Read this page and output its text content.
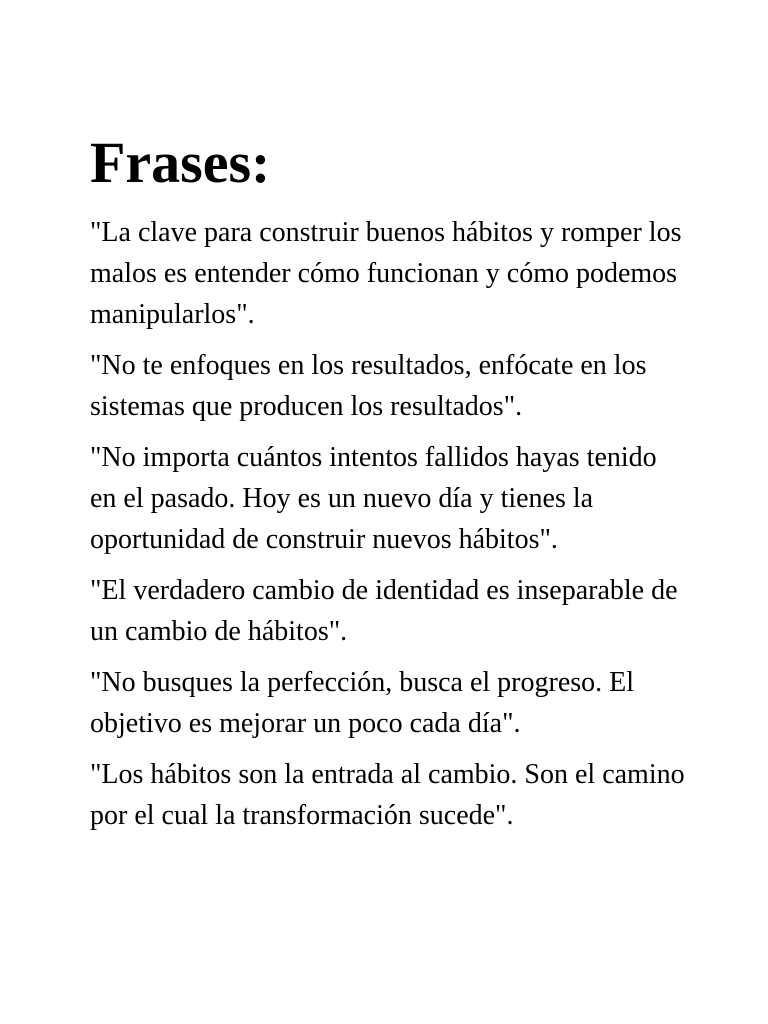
Frases:

"La clave para construir buenos hábitos y romper los malos es entender cómo funcionan y cómo podemos manipularlos".

"No te enfoques en los resultados, enfócate en los sistemas que producen los resultados".

"No importa cuántos intentos fallidos hayas tenido en el pasado. Hoy es un nuevo día y tienes la oportunidad de construir nuevos hábitos".

"El verdadero cambio de identidad es inseparable de un cambio de hábitos".

"No busques la perfección, busca el progreso. El objetivo es mejorar un poco cada día".

"Los hábitos son la entrada al cambio. Son el camino por el cual la transformación sucede".
